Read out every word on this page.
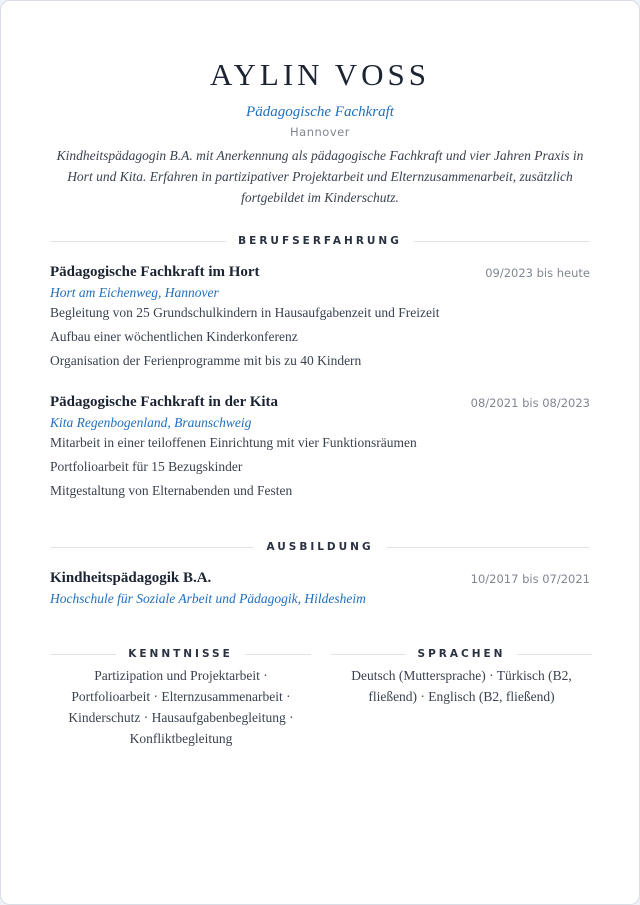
AYLIN VOSS
Pädagogische Fachkraft
Hannover
Kindheitspädagogin B.A. mit Anerkennung als pädagogische Fachkraft und vier Jahren Praxis in Hort und Kita. Erfahren in partizipativer Projektarbeit und Elternzusammenarbeit, zusätzlich fortgebildet im Kinderschutz.
BERUFSERFAHRUNG
Pädagogische Fachkraft im Hort	09/2023 bis heute
Hort am Eichenweg, Hannover
Begleitung von 25 Grundschulkindern in Hausaufgabenzeit und Freizeit
Aufbau einer wöchentlichen Kinderkonferenz
Organisation der Ferienprogramme mit bis zu 40 Kindern
Pädagogische Fachkraft in der Kita	08/2021 bis 08/2023
Kita Regenbogenland, Braunschweig
Mitarbeit in einer teiloffenen Einrichtung mit vier Funktionsräumen
Portfolioarbeit für 15 Bezugskinder
Mitgestaltung von Elternabenden und Festen
AUSBILDUNG
Kindheitspädagogik B.A.	10/2017 bis 07/2021
Hochschule für Soziale Arbeit und Pädagogik, Hildesheim
KENNTNISSE
Partizipation und Projektarbeit · Portfolioarbeit · Elternzusammenarbeit · Kinderschutz · Hausaufgabenbegleitung · Konfliktbegleitung
SPRACHEN
Deutsch (Muttersprache) · Türkisch (B2, fließend) · Englisch (B2, fließend)
